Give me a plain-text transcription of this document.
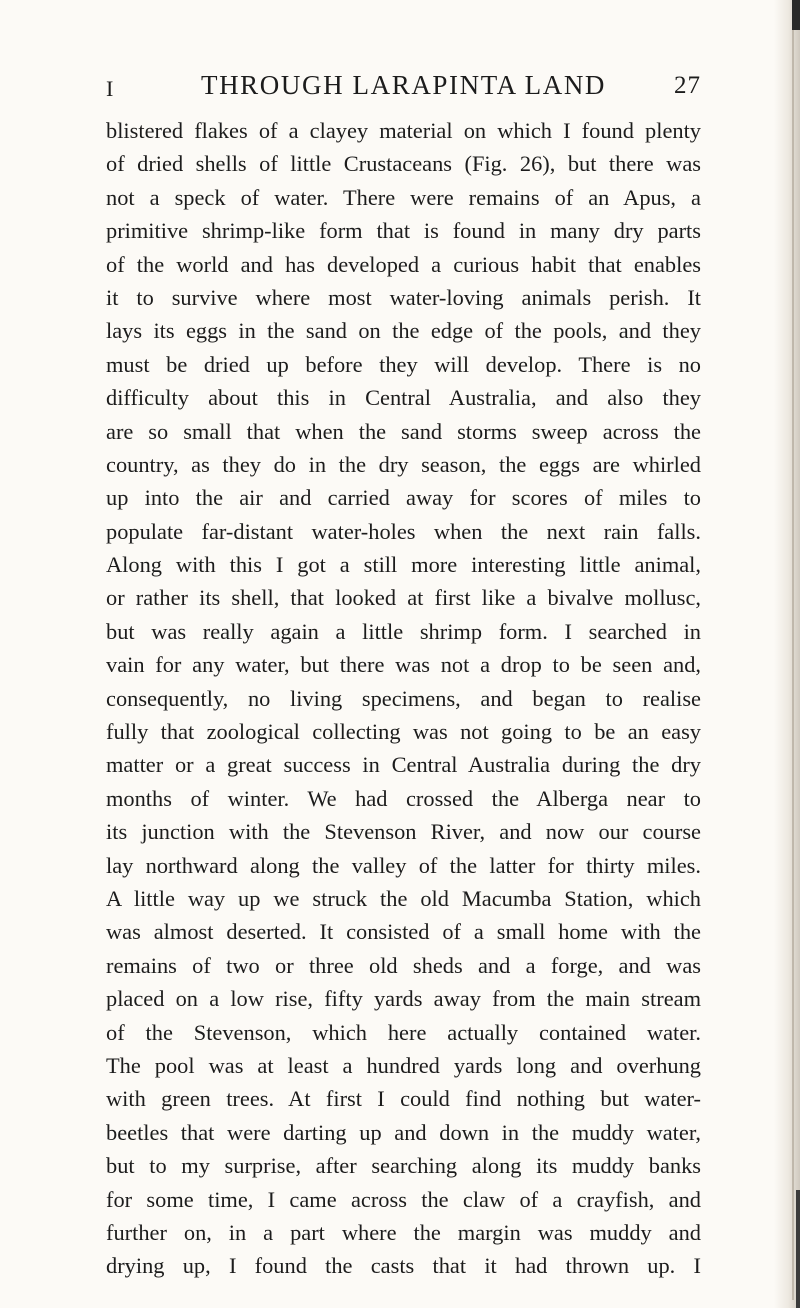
I	THROUGH LARAPINTA LAND	27
blistered flakes of a clayey material on which I found plenty
of dried shells of little Crustaceans (Fig. 26), but there was
not a speck of water. There were remains of an Apus, a
primitive shrimp-like form that is found in many dry parts
of the world and has developed a curious habit that enables
it to survive where most water-loving animals perish. It
lays its eggs in the sand on the edge of the pools, and they
must be dried up before they will develop. There is no
difficulty about this in Central Australia, and also they
are so small that when the sand storms sweep across the
country, as they do in the dry season, the eggs are whirled
up into the air and carried away for scores of miles to
populate far-distant water-holes when the next rain falls.
Along with this I got a still more interesting little animal,
or rather its shell, that looked at first like a bivalve mollusc,
but was really again a little shrimp form. I searched in
vain for any water, but there was not a drop to be seen and,
consequently, no living specimens, and began to realise
fully that zoological collecting was not going to be an easy
matter or a great success in Central Australia during the dry
months of winter. We had crossed the Alberga near to
its junction with the Stevenson River, and now our course
lay northward along the valley of the latter for thirty miles.
A little way up we struck the old Macumba Station, which
was almost deserted. It consisted of a small home with the
remains of two or three old sheds and a forge, and was
placed on a low rise, fifty yards away from the main stream
of the Stevenson, which here actually contained water.
The pool was at least a hundred yards long and overhung
with green trees. At first I could find nothing but water-
beetles that were darting up and down in the muddy water,
but to my surprise, after searching along its muddy banks
for some time, I came across the claw of a crayfish, and
further on, in a part where the margin was muddy and
drying up, I found the casts that it had thrown up. I
